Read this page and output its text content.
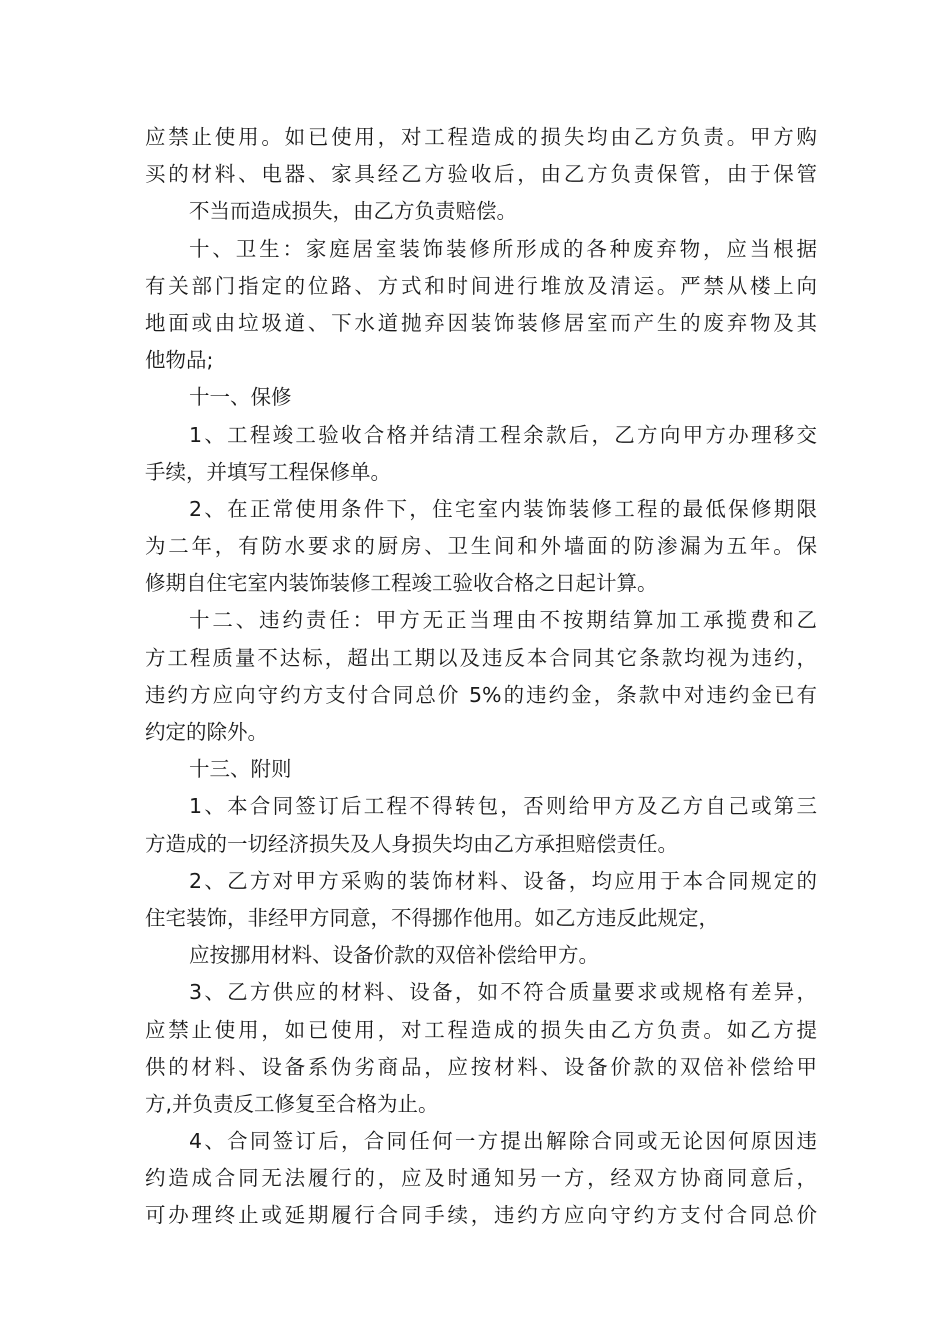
应禁止使用。如已使用，对工程造成的损失均由乙方负责。甲方购
买的材料、电器、家具经乙方验收后，由乙方负责保管，由于保管
不当而造成损失，由乙方负责赔偿。
十、卫生：家庭居室装饰装修所形成的各种废弃物，应当根据
有关部门指定的位路、方式和时间进行堆放及清运。严禁从楼上向
地面或由垃圾道、下水道抛弃因装饰装修居室而产生的废弃物及其
他物品;
十一、保修
1、工程竣工验收合格并结清工程余款后，乙方向甲方办理移交
手续，并填写工程保修单。
2、在正常使用条件下，住宅室内装饰装修工程的最低保修期限
为二年，有防水要求的厨房、卫生间和外墙面的防渗漏为五年。保
修期自住宅室内装饰装修工程竣工验收合格之日起计算。
十二、违约责任：甲方无正当理由不按期结算加工承揽费和乙
方工程质量不达标，超出工期以及违反本合同其它条款均视为违约，
违约方应向守约方支付合同总价 5%的违约金，条款中对违约金已有
约定的除外。
十三、附则
1、本合同签订后工程不得转包，否则给甲方及乙方自己或第三
方造成的一切经济损失及人身损失均由乙方承担赔偿责任。
2、乙方对甲方采购的装饰材料、设备，均应用于本合同规定的
住宅装饰，非经甲方同意，不得挪作他用。如乙方违反此规定，
应按挪用材料、设备价款的双倍补偿给甲方。
3、乙方供应的材料、设备，如不符合质量要求或规格有差异，
应禁止使用，如已使用，对工程造成的损失由乙方负责。如乙方提
供的材料、设备系伪劣商品，应按材料、设备价款的双倍补偿给甲
方,并负责反工修复至合格为止。
4、合同签订后，合同任何一方提出解除合同或无论因何原因违
约造成合同无法履行的，应及时通知另一方，经双方协商同意后，
可办理终止或延期履行合同手续，违约方应向守约方支付合同总价
